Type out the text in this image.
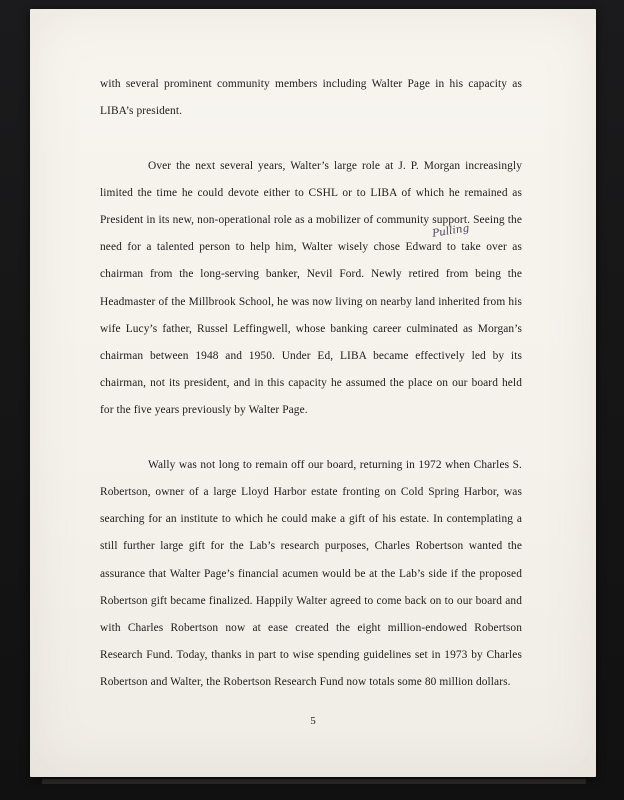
with several prominent community members including Walter Page in his capacity as LIBA’s president.

Over the next several years, Walter’s large role at J. P. Morgan increasingly limited the time he could devote either to CSHL or to LIBA of which he remained as President in its new, non-operational role as a mobilizer of community support. Seeing the need for a talented person to help him, Walter wisely chose Edward to take over as chairman from the long-serving banker, Nevil Ford. Newly retired from being the Headmaster of the Millbrook School, he was now living on nearby land inherited from his wife Lucy’s father, Russel Leffingwell, whose banking career culminated as Morgan’s chairman between 1948 and 1950. Under Ed, LIBA became effectively led by its chairman, not its president, and in this capacity he assumed the place on our board held for the five years previously by Walter Page.

Wally was not long to remain off our board, returning in 1972 when Charles S. Robertson, owner of a large Lloyd Harbor estate fronting on Cold Spring Harbor, was searching for an institute to which he could make a gift of his estate. In contemplating a still further large gift for the Lab’s research purposes, Charles Robertson wanted the assurance that Walter Page’s financial acumen would be at the Lab’s side if the proposed Robertson gift became finalized. Happily Walter agreed to come back on to our board and with Charles Robertson now at ease created the eight million-endowed Robertson Research Fund. Today, thanks in part to wise spending guidelines set in 1973 by Charles Robertson and Walter, the Robertson Research Fund now totals some 80 million dollars.

Pulling
5
